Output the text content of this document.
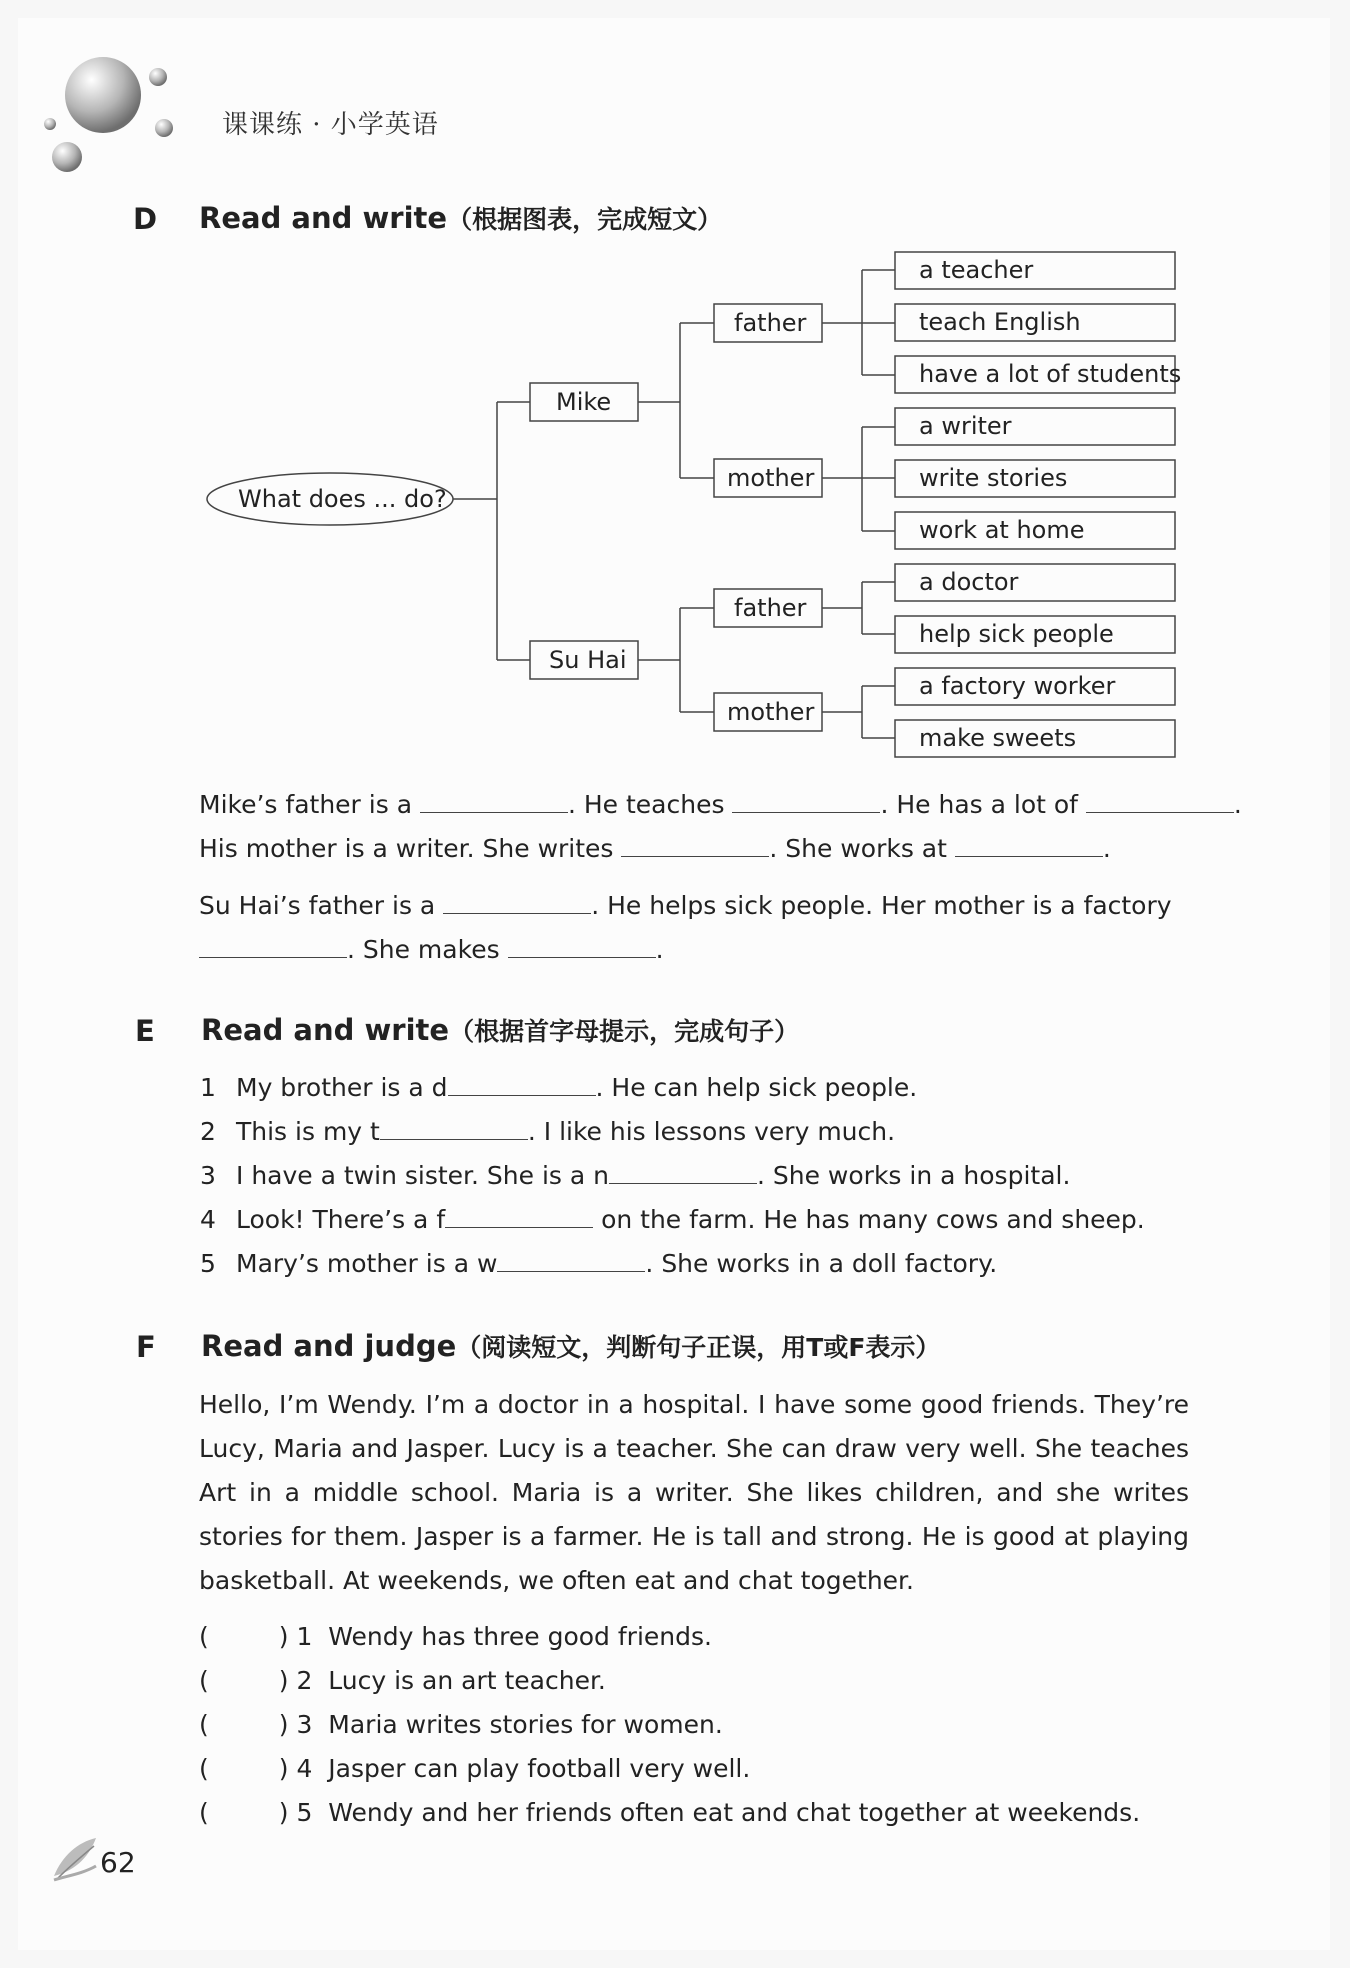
课课练 · 小学英语
D Read and write（根据图表，完成短文）
What does ... do?
Mike
Su Hai
father
mother
father
mother
a teacher
teach English
have a lot of students
a writer
write stories
work at home
a doctor
help sick people
a factory worker
make sweets
Mike’s father is a	. He teaches	. He has a lot of	.
His mother is a writer. She writes	. She works at	.
Su Hai’s father is a	. He helps sick people. Her mother is a factory
. She makes	.
E Read and write（根据首字母提示，完成句子）
1 My brother is a d	. He can help sick people.
2 This is my t	. I like his lessons very much.
3 I have a twin sister. She is a n	. She works in a hospital.
4 Look! There’s a f	on the farm. He has many cows and sheep.
5 Mary’s mother is a w	. She works in a doll factory.
F Read and judge（阅读短文，判断句子正误，用T或F表示）
Hello, I’m Wendy. I’m a doctor in a hospital. I have some good friends. They’re Lucy, Maria and Jasper. Lucy is a teacher. She can draw very well. She teaches Art in a middle school. Maria is a writer. She likes children, and she writes stories for them. Jasper is a farmer. He is tall and strong. He is good at playing basketball. At weekends, we often eat and chat together.
(	) 1 Wendy has three good friends.
(	) 2 Lucy is an art teacher.
(	) 3 Maria writes stories for women.
(	) 4 Jasper can play football very well.
(	) 5 Wendy and her friends often eat and chat together at weekends.
62
